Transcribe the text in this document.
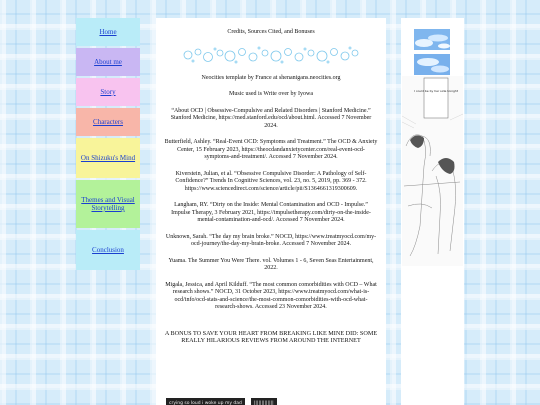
Home
About me
Story
Characters
On Shizuku's Mind
Themes and Visual Storytelling
Conclusion

Credits, Sources Cited, and Bonuses

Neocities template by France at shenanigans.neocities.org

Music used is Write over by Iyowa

“About OCD | Obsessive-Compulsive and Related Disorders | Stanford Medicine.” Stanford Medicine, https://med.stanford.edu/ocd/about.html. Accessed 7 November 2024.

Butterfield, Ashley. “Real-Event OCD: Symptoms and Treatment.” The OCD & Anxiety Center, 15 February 2023, https://theocdandanxietycenter.com/real-event-ocd-symptoms-and-treatment/. Accessed 7 November 2024.

Kiverstein, Julian, et al. “Obsessive Compulsive Disorder: A Pathology of Self-Confidence?” Trends In Cognitive Sciences, vol. 23, no. 5, 2019, pp. 369 - 372. https://www.sciencedirect.com/science/article/pii/S1364661319300609.

Langham, RY. “Dirty on the Inside: Mental Contamination and OCD - Impulse.” Impulse Therapy, 3 February 2021, https://impulsetherapy.com/dirty-on-the-inside-mental-contamination-and-ocd/. Accessed 7 November 2024.

Unknown, Sarah. “The day my brain broke.” NOCD, https://www.treatmyocd.com/my-ocd-journey/the-day-my-brain-broke. Accessed 7 November 2024.

Yuama. The Summer You Were There. vol. Volumes 1 - 6, Seven Seas Entertainment, 2022.

Migala, Jessica, and April Kilduff. “The most common comorbidities with OCD – What research shows.” NOCD, 31 October 2023, https://www.treatmyocd.com/what-is-ocd/info/ocd-stats-and-science/the-most-common-comorbidities-with-ocd-what-research-shows. Accessed 23 November 2024.

A BONUS TO SAVE YOUR HEART FROM BREAKING LIKE MINE DID: SOME REALLY HILARIOUS REVIEWS FROM AROUND THE INTERNET

crying so loud i woke up my dad	|||||||||||||
I could be by her side tonight
